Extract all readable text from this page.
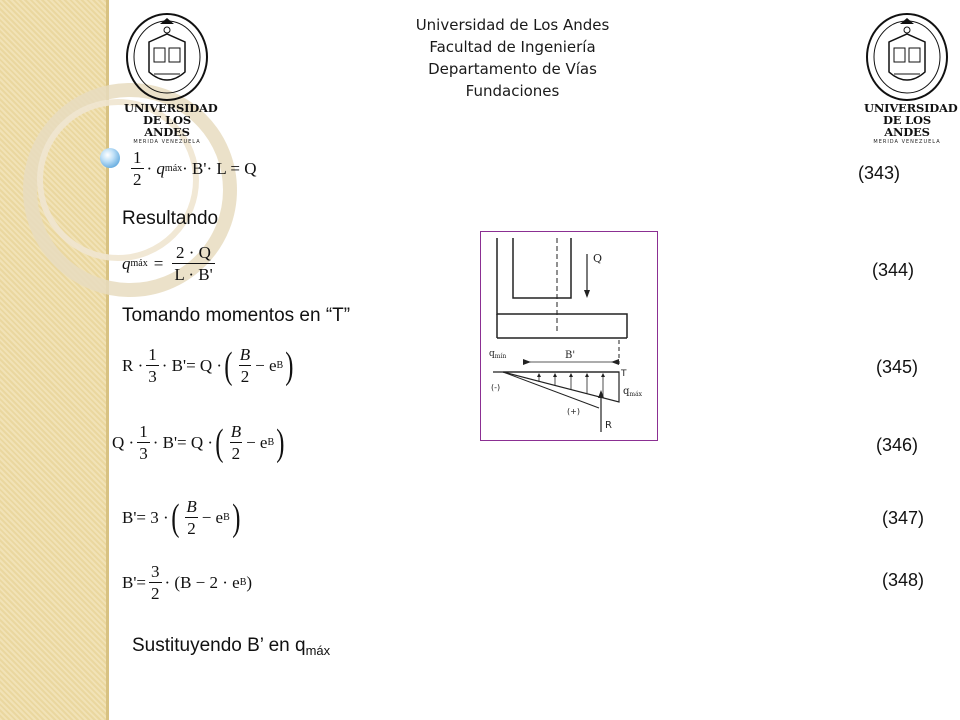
UNIVERSIDAD
DE LOS ANDES
MERIDA VENEZUELA
UNIVERSIDAD
DE LOS ANDES
MERIDA VENEZUELA
Universidad de Los Andes
Facultad de Ingeniería
Departamento de Vías
Fundaciones
$\frac{1}{2} \cdot q$ máx · B'· L = Q	(343)
Resultando
q máx = $\frac{2 \cdot Q}{L \cdot B'}$	(344)
Tomando momentos en “T”
$R \cdot \frac{1}{3} \cdot B'= Q$ · ( $\frac{B}{2} - e$ B )	(345)
$Q \cdot \frac{1}{3} \cdot B'= Q$ · ( $\frac{B}{2} - e$ B )	(346)
B'= 3 · ( $\frac{B}{2} - e$ B )	(347)
$B'= \frac{3}{2} \cdot (B - 2 \cdot e$ B )	(348)
Sustituyendo B’ en $q_{máx}$
Q
R
$q_{mín}$	B'
T
$q_{máx}$
(-)
(+)
